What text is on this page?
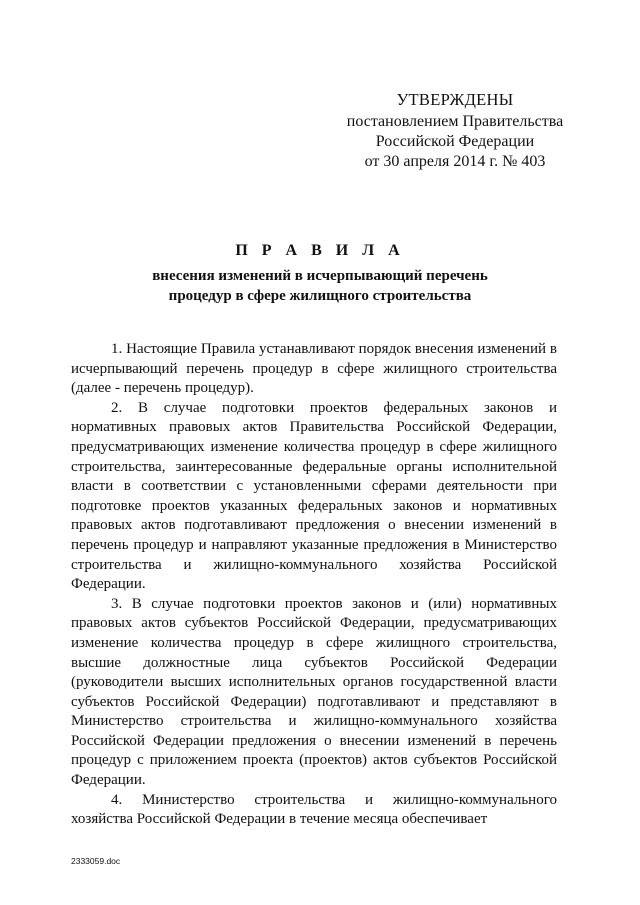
УТВЕРЖДЕНЫ
постановлением Правительства
Российской Федерации
от 30 апреля 2014 г. № 403
П Р А В И Л А
внесения изменений в исчерпывающий перечень
процедур в сфере жилищного строительства

1. Настоящие Правила устанавливают порядок внесения изменений в исчерпывающий перечень процедур в сфере жилищного строительства (далее - перечень процедур).

2. В случае подготовки проектов федеральных законов и нормативных правовых актов Правительства Российской Федерации, предусматривающих изменение количества процедур в сфере жилищного строительства, заинтересованные федеральные органы исполнительной власти в соответствии с установленными сферами деятельности при подготовке проектов указанных федеральных законов и нормативных правовых актов подготавливают предложения о внесении изменений в перечень процедур и направляют указанные предложения в Министерство строительства и жилищно-коммунального хозяйства Российской Федерации.

3. В случае подготовки проектов законов и (или) нормативных правовых актов субъектов Российской Федерации, предусматривающих изменение количества процедур в сфере жилищного строительства, высшие должностные лица субъектов Российской Федерации (руководители высших исполнительных органов государственной власти субъектов Российской Федерации) подготавливают и представляют в Министерство строительства и жилищно-коммунального хозяйства Российской Федерации предложения о внесении изменений в перечень процедур с приложением проекта (проектов) актов субъектов Российской Федерации.

4. Министерство строительства и жилищно-коммунального хозяйства Российской Федерации в течение месяца обеспечивает

2333059.doc
